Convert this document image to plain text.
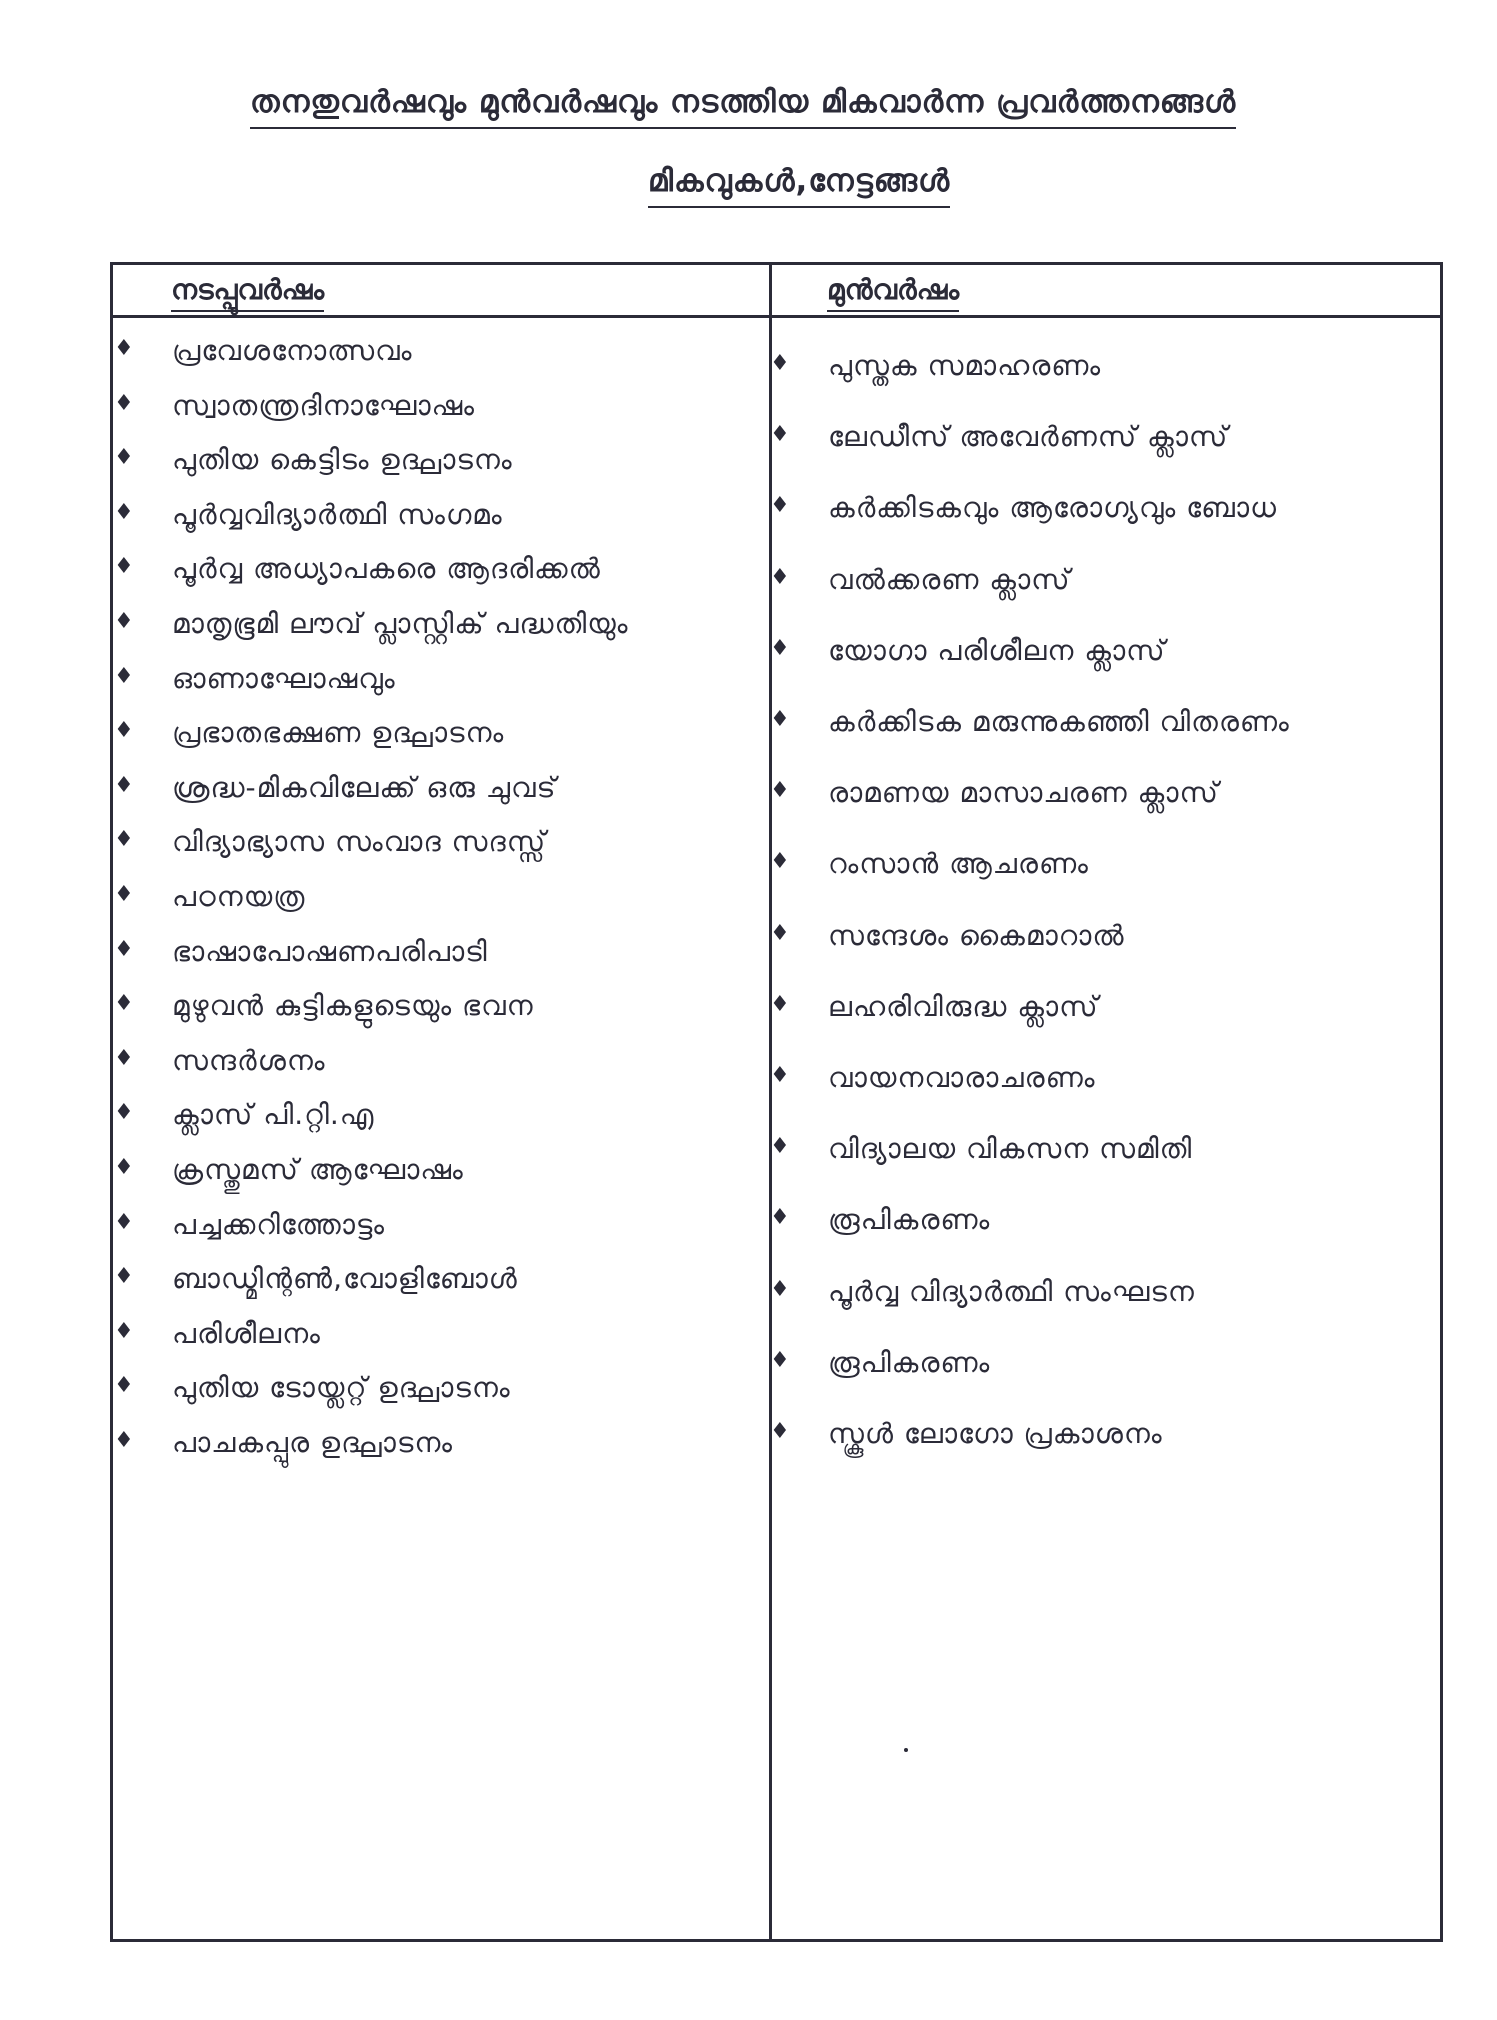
തനതുവർഷവും മുൻവർഷവും നടത്തിയ മികവാർന്ന പ്രവർത്തനങ്ങൾ
മികവുകൾ,നേട്ടങ്ങൾ
നടപ്പുവർഷം	മുൻവർഷം
♦ പ്രവേശനോത്സവം
♦ സ്വാതന്ത്രദിനാഘോഷം
♦ പുതിയ കെട്ടിടം ഉദ്ഘാടനം
♦ പൂർവ്വവിദ്യാർത്ഥി സംഗമം
♦ പൂർവ്വ അധ്യാപകരെ ആദരിക്കൽ
♦ മാതൃഭൂമി ലൗവ് പ്ലാസ്റ്റിക് പദ്ധതിയും
♦ ഓണാഘോഷവും
♦ പ്രഭാതഭക്ഷണ ഉദ്ഘാടനം
♦ ശ്രദ്ധ-മികവിലേക്ക് ഒരു ചുവട്
♦ വിദ്യാഭ്യാസ സംവാദ സദസ്സ്
♦ പഠനയത്ര
♦ ഭാഷാപോഷണപരിപാടി
♦ മുഴുവൻ കുട്ടികളുടെയും ഭവന
♦ സന്ദർശനം
♦ ക്ലാസ് പി.റ്റി.എ
♦ ക്രസ്തുമസ് ആഘോഷം
♦ പച്ചക്കറിത്തോട്ടം
♦ ബാഡ്മിന്റൺ,വോളിബോൾ
♦ പരിശീലനം
♦ പുതിയ ടോയ്ലറ്റ് ഉദ്ഘാടനം
♦ പാചകപ്പുര ഉദ്ഘാടനം
♦ പുസ്തക സമാഹരണം
♦ ലേഡീസ് അവേർണസ് ക്ലാസ്
♦ കർക്കിടകവും ആരോഗ്യവും ബോധ
♦ വൽക്കരണ ക്ലാസ്
♦ യോഗാ പരിശീലന ക്ലാസ്
♦ കർക്കിടക മരുന്നുകഞ്ഞി വിതരണം
♦ രാമണയ മാസാചരണ ക്ലാസ്
♦ റംസാൻ ആചരണം
♦ സന്ദേശം കൈമാറാൽ
♦ ലഹരിവിരുദ്ധ ക്ലാസ്
♦ വായനവാരാചരണം
♦ വിദ്യാലയ വികസന സമിതി
♦ രൂപികരണം
♦ പൂർവ്വ വിദ്യാർത്ഥി സംഘടന
♦ രൂപികരണം
♦ സ്കൂൾ ലോഗോ പ്രകാശനം
